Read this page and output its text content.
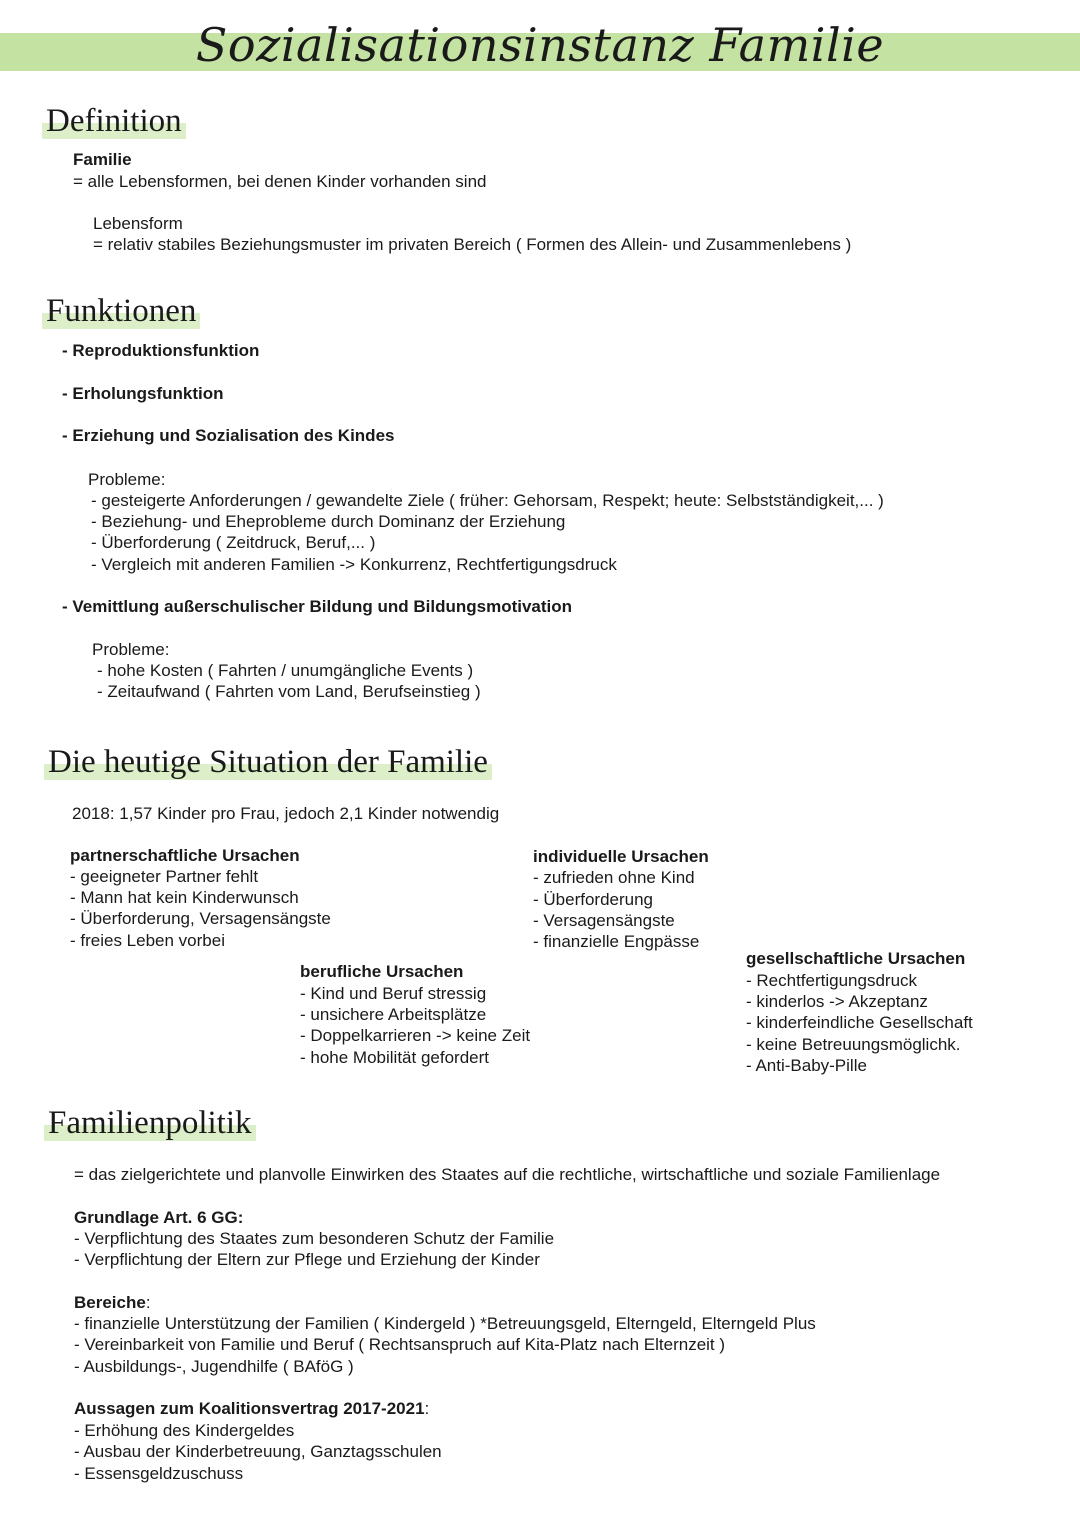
Sozialisationsinstanz Familie
Definition
Familie
= alle Lebensformen, bei denen Kinder vorhanden sind
Lebensform
= relativ stabiles Beziehungsmuster im privaten Bereich ( Formen des Allein- und Zusammenlebens )
Funktionen
- Reproduktionsfunktion
- Erholungsfunktion
- Erziehung und Sozialisation des Kindes
Probleme:
- gesteigerte Anforderungen / gewandelte Ziele ( früher: Gehorsam, Respekt; heute: Selbstständigkeit,... )
- Beziehung- und Eheprobleme durch Dominanz der Erziehung
- Überforderung ( Zeitdruck, Beruf,... )
- Vergleich mit anderen Familien -> Konkurrenz, Rechtfertigungsdruck
- Vemittlung außerschulischer Bildung und Bildungsmotivation
Probleme:
- hohe Kosten ( Fahrten / unumgängliche Events )
- Zeitaufwand ( Fahrten vom Land, Berufseinstieg )
Die heutige Situation der Familie
2018: 1,57 Kinder pro Frau, jedoch 2,1 Kinder notwendig
partnerschaftliche Ursachen
- geeigneter Partner fehlt
- Mann hat kein Kinderwunsch
- Überforderung, Versagensängste
- freies Leben vorbei
individuelle Ursachen
- zufrieden ohne Kind
- Überforderung
- Versagensängste
- finanzielle Engpässe
berufliche Ursachen
- Kind und Beruf stressig
- unsichere Arbeitsplätze
- Doppelkarrieren -> keine Zeit
- hohe Mobilität gefordert
gesellschaftliche Ursachen
- Rechtfertigungsdruck
- kinderlos -> Akzeptanz
- kinderfeindliche Gesellschaft
- keine Betreuungsmöglichk.
- Anti-Baby-Pille
Familienpolitik
= das zielgerichtete und planvolle Einwirken des Staates auf die rechtliche, wirtschaftliche und soziale Familienlage
Grundlage Art. 6 GG:
- Verpflichtung des Staates zum besonderen Schutz der Familie
- Verpflichtung der Eltern zur Pflege und Erziehung der Kinder
Bereiche:
- finanzielle Unterstützung der Familien ( Kindergeld ) *Betreuungsgeld, Elterngeld, Elterngeld Plus
- Vereinbarkeit von Familie und Beruf ( Rechtsanspruch auf Kita-Platz nach Elternzeit )
- Ausbildungs-, Jugendhilfe ( BAföG )
Aussagen zum Koalitionsvertrag 2017-2021:
- Erhöhung des Kindergeldes
- Ausbau der Kinderbetreuung, Ganztagsschulen
- Essensgeldzuschuss
